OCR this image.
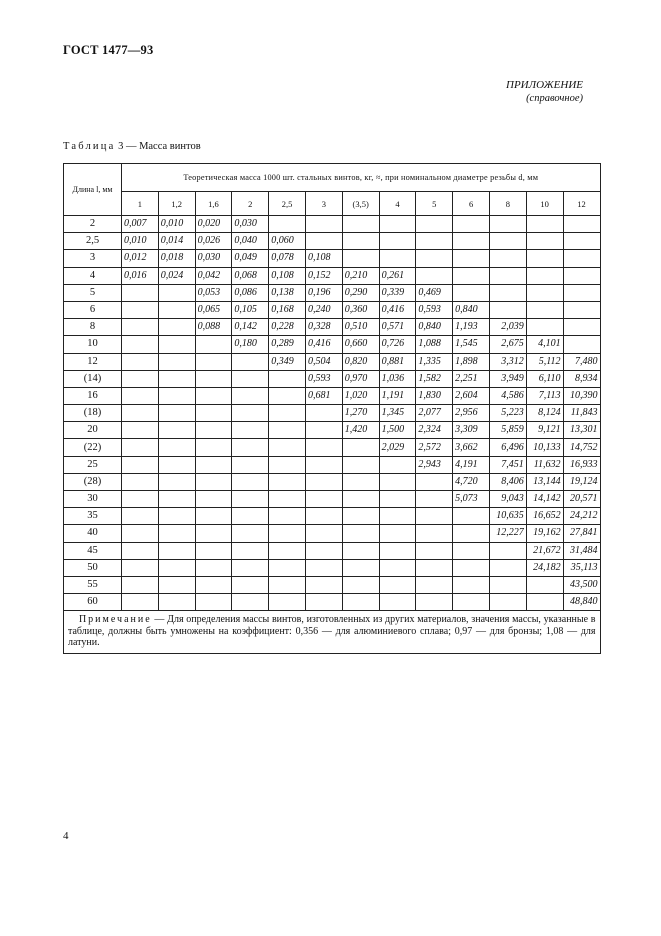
ГОСТ 1477—93
ПРИЛОЖЕНИЕ
(справочное)
Таблица 3 — Масса винтов
Длина l, мм	Теоретическая масса 1000 шт. стальных винтов, кг, ≈, при номинальном диаметре резьбы d, мм												
	1	1,2	1,6	2	2,5	3	(3,5)	4	5	6	8	10	12
2	0,007	0,010	0,020	0,030									
2,5	0,010	0,014	0,026	0,040	0,060								
3	0,012	0,018	0,030	0,049	0,078	0,108							
4	0,016	0,024	0,042	0,068	0,108	0,152	0,210	0,261					
5			0,053	0,086	0,138	0,196	0,290	0,339	0,469				
6			0,065	0,105	0,168	0,240	0,360	0,416	0,593	0,840			
8			0,088	0,142	0,228	0,328	0,510	0,571	0,840	1,193	2,039		
10				0,180	0,289	0,416	0,660	0,726	1,088	1,545	2,675	4,101	
12					0,349	0,504	0,820	0,881	1,335	1,898	3,312	5,112	7,480
(14)						0,593	0,970	1,036	1,582	2,251	3,949	6,110	8,934
16						0,681	1,020	1,191	1,830	2,604	4,586	7,113	10,390
(18)							1,270	1,345	2,077	2,956	5,223	8,124	11,843
20							1,420	1,500	2,324	3,309	5,859	9,121	13,301
(22)								2,029	2,572	3,662	6,496	10,133	14,752
25									2,943	4,191	7,451	11,632	16,933
(28)										4,720	8,406	13,144	19,124
30										5,073	9,043	14,142	20,571
35											10,635	16,652	24,212
40											12,227	19,162	27,841
45												21,672	31,484
50												24,182	35,113
55													43,500
60													48,840
Примечание — Для определения массы винтов, изготовленных из других материалов, значения массы, указанные в таблице, должны быть умножены на коэффициент: 0,356 — для алюминиевого сплава; 0,97 — для бронзы; 1,08 — для латуни.													
4
